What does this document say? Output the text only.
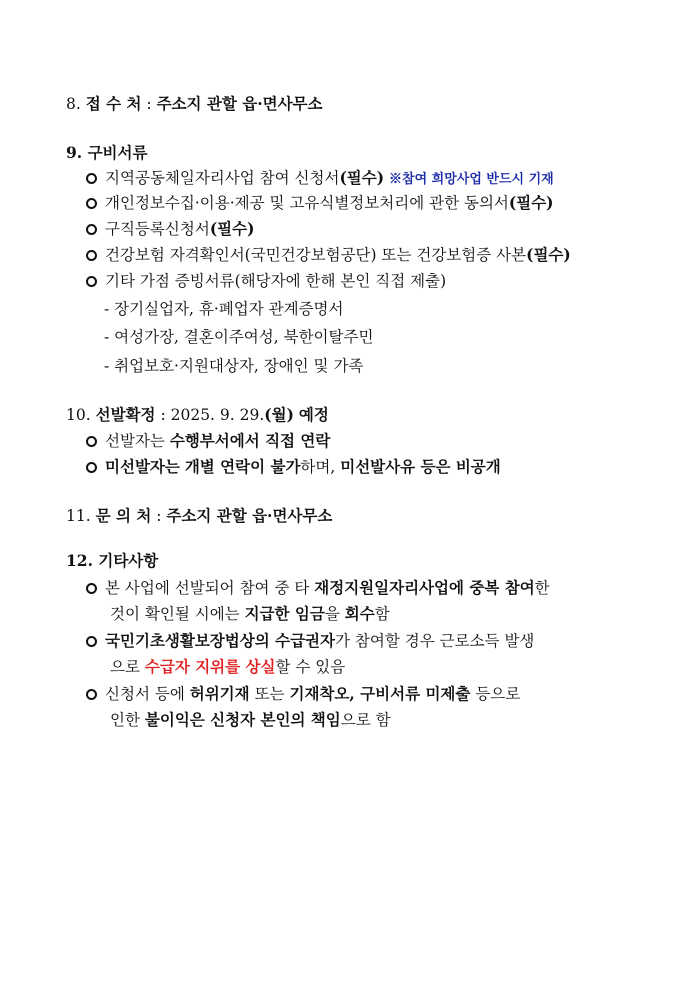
8. 접 수 처 : 주소지 관할 읍·면사무소
9. 구비서류
지역공동체일자리사업 참여 신청서(필수) ※참여 희망사업 반드시 기재
개인정보수집·이용·제공 및 고유식별정보처리에 관한 동의서(필수)
구직등록신청서(필수)
건강보험 자격확인서(국민건강보험공단) 또는 건강보험증 사본(필수)
기타 가점 증빙서류(해당자에 한해 본인 직접 제출)
- 장기실업자, 휴·폐업자 관계증명서
- 여성가장, 결혼이주여성, 북한이탈주민
- 취업보호·지원대상자, 장애인 및 가족
10. 선발확정 : 2025. 9. 29.(월) 예정
선발자는 수행부서에서 직접 연락
미선발자는 개별 연락이 불가하며, 미선발사유 등은 비공개
11. 문 의 처 : 주소지 관할 읍·면사무소
12. 기타사항
본 사업에 선발되어 참여 중 타 재정지원일자리사업에 중복 참여한
것이 확인될 시에는 지급한 임금을 회수함
국민기초생활보장법상의 수급권자가 참여할 경우 근로소득 발생
으로 수급자 지위를 상실할 수 있음
신청서 등에 허위기재 또는 기재착오, 구비서류 미제출 등으로
인한 불이익은 신청자 본인의 책임으로 함
